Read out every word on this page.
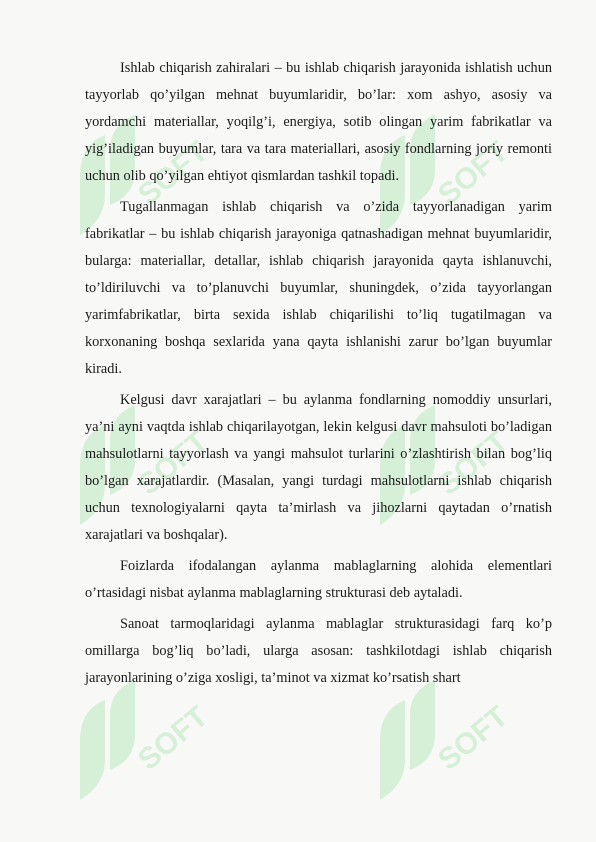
SOFT	SOFT
SOFT	SOFT
SOFT	SOFT

Ishlab chiqarish zahiralari – bu ishlab chiqarish jarayonida ishlatish uchun tayyorlab qo’yilgan mehnat buyumlaridir, bo’lar: xom ashyo, asosiy va yordamchi materiallar, yoqilg’i, energiya, sotib olingan yarim fabrikatlar va yig’iladigan buyumlar, tara va tara materiallari, asosiy fondlarning joriy remonti uchun olib qo’yilgan ehtiyot qismlardan tashkil topadi.

Tugallanmagan ishlab chiqarish va o’zida tayyorlanadigan yarim fabrikatlar – bu ishlab chiqarish jarayoniga qatnashadigan mehnat buyumlaridir, bularga: materiallar, detallar, ishlab chiqarish jarayonida qayta ishlanuvchi, to’ldiriluvchi va to’planuvchi buyumlar, shuningdek, o’zida tayyorlangan yarimfabrikatlar, birta sexida ishlab chiqarilishi to’liq tugatilmagan va korxonaning boshqa sexlarida yana qayta ishlanishi zarur bo’lgan buyumlar kiradi.

Kelgusi davr xarajatlari – bu aylanma fondlarning nomoddiy unsurlari, ya’ni ayni vaqtda ishlab chiqarilayotgan, lekin kelgusi davr mahsuloti bo’ladigan mahsulotlarni tayyorlash va yangi mahsulot turlarini o’zlashtirish bilan bog’liq bo’lgan xarajatlardir. (Masalan, yangi turdagi mahsulotlarni ishlab chiqarish uchun texnologiyalarni qayta ta’mirlash va jihozlarni qaytadan o’rnatish xarajatlari va boshqalar).

Foizlarda ifodalangan aylanma mablaglarning alohida elementlari o’rtasidagi nisbat aylanma mablaglarning strukturasi deb aytaladi.

Sanoat tarmoqlaridagi aylanma mablaglar strukturasidagi farq ko’p omillarga bog’liq bo’ladi, ularga asosan: tashkilotdagi ishlab chiqarish jarayonlarining o’ziga xosligi, ta’minot va xizmat ko’rsatish shart
